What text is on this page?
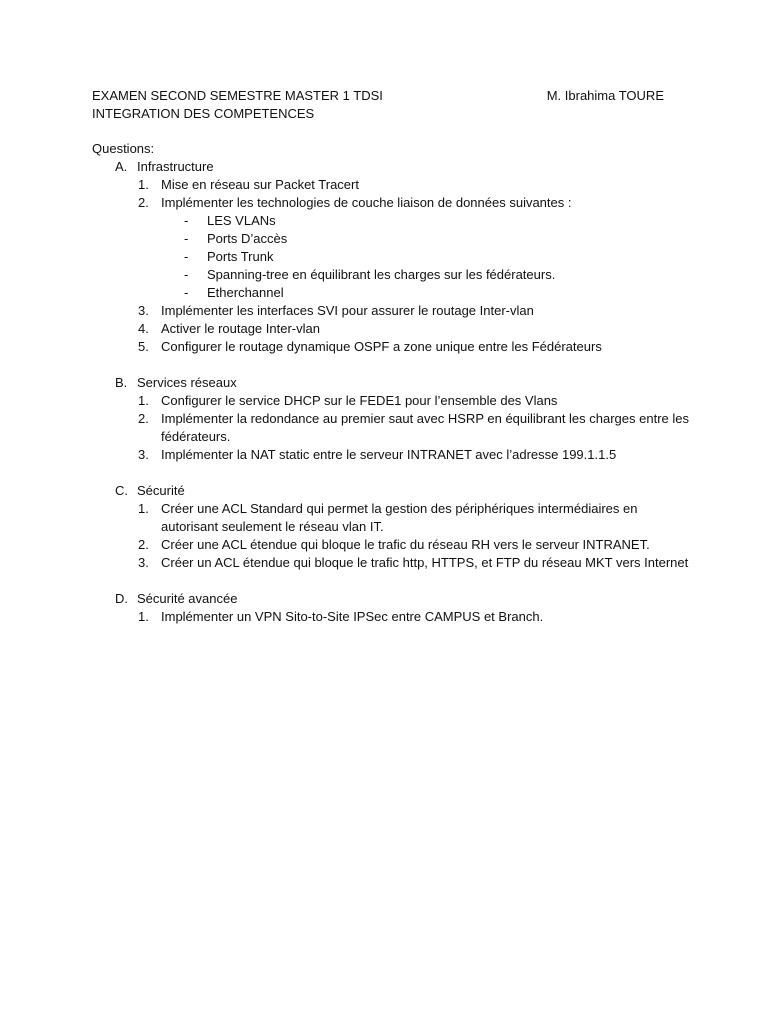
EXAMEN SECOND SEMESTRE MASTER 1 TDSI	M. Ibrahima TOURE
INTEGRATION DES COMPETENCES
Questions:
A. Infrastructure
1. Mise en réseau sur Packet Tracert
2. Implémenter les technologies de couche liaison de données suivantes :
-	LES VLANs
-	Ports D’accès
-	Ports Trunk
-	Spanning-tree en équilibrant les charges sur les fédérateurs.
-	Etherchannel
3. Implémenter les interfaces SVI pour assurer le routage Inter-vlan
4. Activer le routage Inter-vlan
5. Configurer le routage dynamique OSPF a zone unique entre les Fédérateurs
B. Services réseaux
1. Configurer le service DHCP sur le FEDE1 pour l’ensemble des Vlans
2. Implémenter la redondance au premier saut avec HSRP en équilibrant les charges entre les fédérateurs.
3. Implémenter la NAT static entre le serveur INTRANET avec l’adresse 199.1.1.5
C. Sécurité
1. Créer une ACL Standard qui permet la gestion des périphériques intermédiaires en autorisant seulement le réseau vlan IT.
2. Créer une ACL étendue qui bloque le trafic du réseau RH vers le serveur INTRANET.
3. Créer un ACL étendue qui bloque le trafic http, HTTPS, et FTP du réseau MKT vers Internet
D. Sécurité avancée
1. Implémenter un VPN Sito-to-Site IPSec entre CAMPUS et Branch.
